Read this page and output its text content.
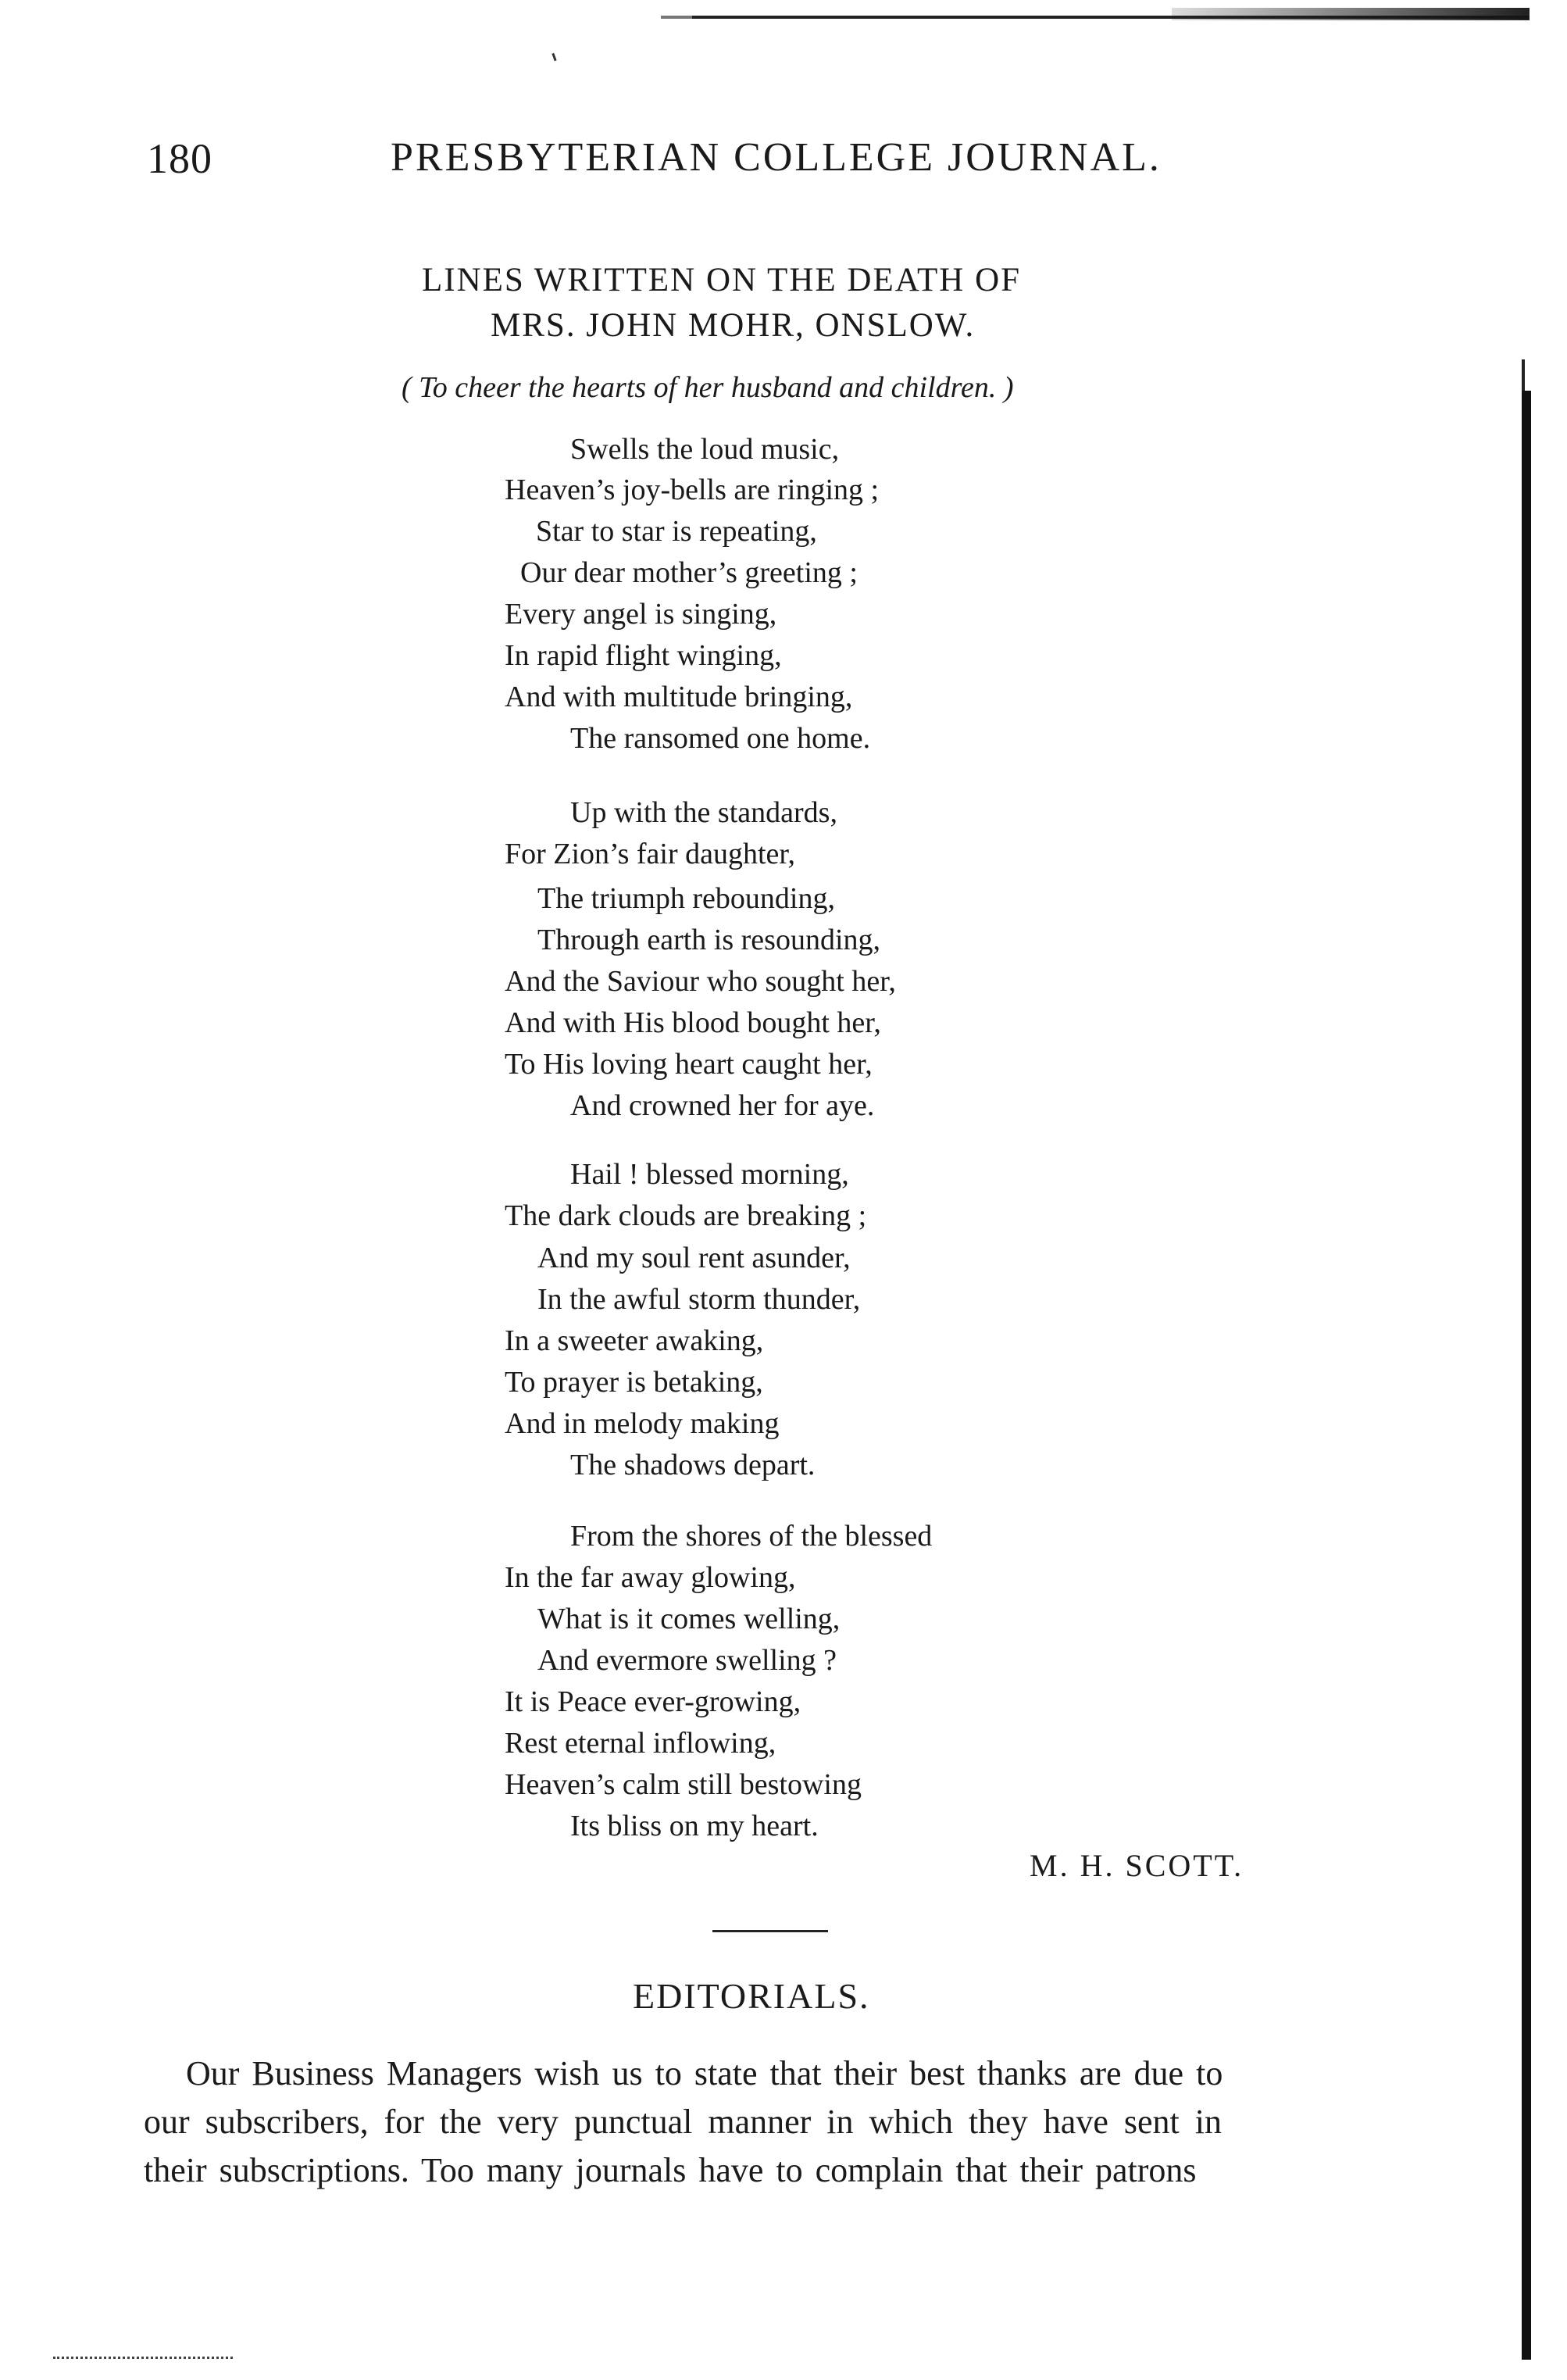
180	PRESBYTERIAN COLLEGE JOURNAL.
LINES WRITTEN ON THE DEATH OF
MRS. JOHN MOHR, ONSLOW.
( To cheer the hearts of her husband and children. )
Swells the loud music,
Heaven’s joy-bells are ringing ;
Star to star is repeating,
Our dear mother’s greeting ;
Every angel is singing,
In rapid flight winging,
And with multitude bringing,
The ransomed one home.
Up with the standards,
For Zion’s fair daughter,
The triumph rebounding,
Through earth is resounding,
And the Saviour who sought her,
And with His blood bought her,
To His loving heart caught her,
And crowned her for aye.
Hail ! blessed morning,
The dark clouds are breaking ;
And my soul rent asunder,
In the awful storm thunder,
In a sweeter awaking,
To prayer is betaking,
And in melody making
The shadows depart.
From the shores of the blessed
In the far away glowing,
What is it comes welling,
And evermore swelling ?
It is Peace ever-growing,
Rest eternal inflowing,
Heaven’s calm still bestowing
Its bliss on my heart.
M. H. SCOTT.
EDITORIALS.
Our Business Managers wish us to state that their best thanks are due to
our subscribers, for the very punctual manner in which they have sent in
their subscriptions. Too many journals have to complain that their patrons
